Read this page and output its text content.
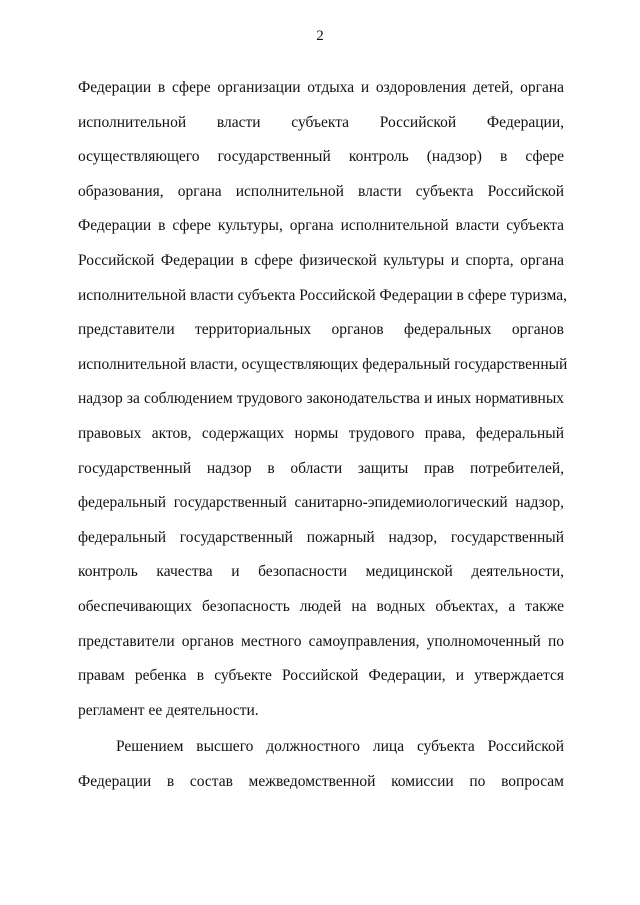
2
Федерации в сфере организации отдыха и оздоровления детей, органа
исполнительной власти субъекта Российской Федерации,
осуществляющего государственный контроль (надзор) в сфере
образования, органа исполнительной власти субъекта Российской
Федерации в сфере культуры, органа исполнительной власти субъекта
Российской Федерации в сфере физической культуры и спорта, органа
исполнительной власти субъекта Российской Федерации в сфере туризма,
представители территориальных органов федеральных органов
исполнительной власти, осуществляющих федеральный государственный
надзор за соблюдением трудового законодательства и иных нормативных
правовых актов, содержащих нормы трудового права, федеральный
государственный надзор в области защиты прав потребителей,
федеральный государственный санитарно-эпидемиологический надзор,
федеральный государственный пожарный надзор, государственный
контроль качества и безопасности медицинской деятельности,
обеспечивающих безопасность людей на водных объектах, а также
представители органов местного самоуправления, уполномоченный по
правам ребенка в субъекте Российской Федерации, и утверждается
регламент ее деятельности.
Решением высшего должностного лица субъекта Российской
Федерации в состав межведомственной комиссии по вопросам
